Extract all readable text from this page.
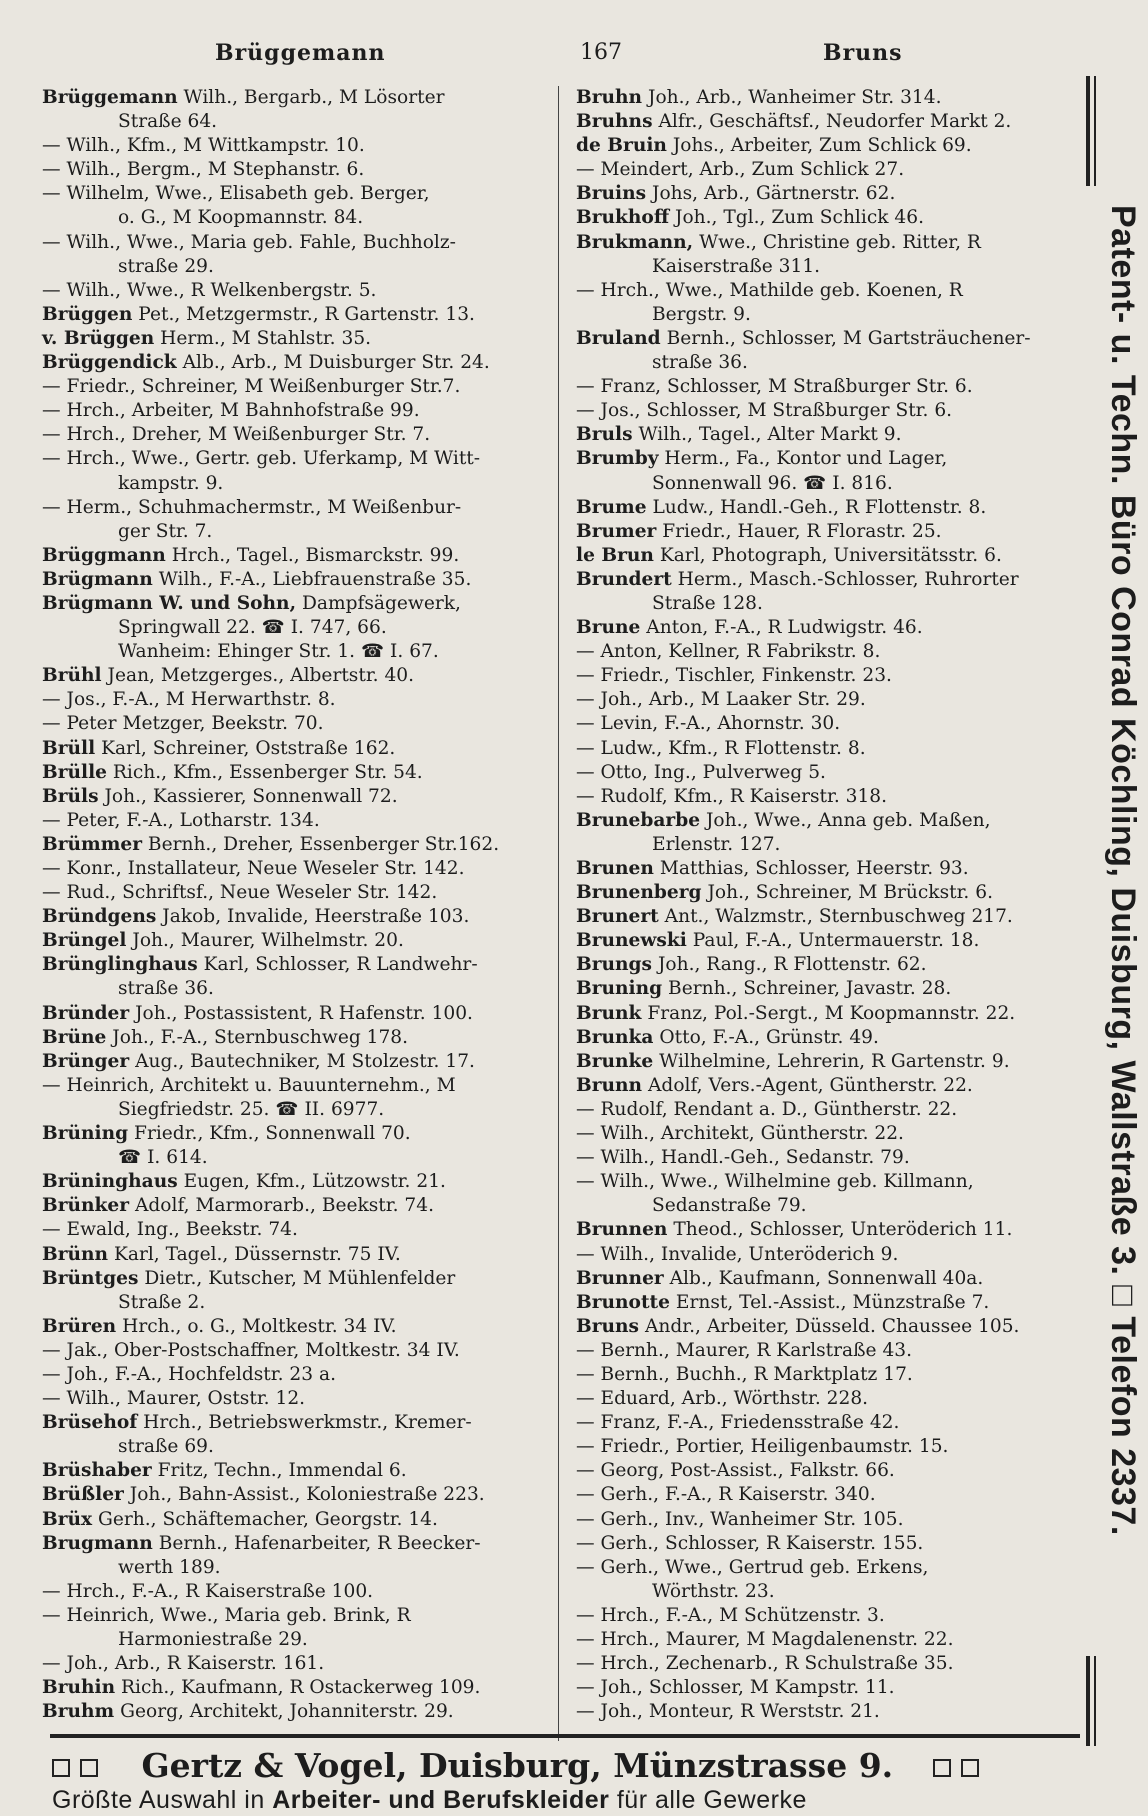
Brüggemann	167	Bruns
Brüggemann Wilh., Bergarb., M Lösorter
Straße 64.
— Wilh., Kfm., M Wittkampstr. 10.
— Wilh., Bergm., M Stephanstr. 6.
— Wilhelm, Wwe., Elisabeth geb. Berger,
o. G., M Koopmannstr. 84.
— Wilh., Wwe., Maria geb. Fahle, Buchholz-
straße 29.
— Wilh., Wwe., R Welkenbergstr. 5.
Brüggen Pet., Metzgermstr., R Gartenstr. 13.
v. Brüggen Herm., M Stahlstr. 35.
Brüggendick Alb., Arb., M Duisburger Str. 24.
— Friedr., Schreiner, M Weißenburger Str.7.
— Hrch., Arbeiter, M Bahnhofstraße 99.
— Hrch., Dreher, M Weißenburger Str. 7.
— Hrch., Wwe., Gertr. geb. Uferkamp, M Witt-
kampstr. 9.
— Herm., Schuhmachermstr., M Weißenbur-
ger Str. 7.
Brüggmann Hrch., Tagel., Bismarckstr. 99.
Brügmann Wilh., F.-A., Liebfrauenstraße 35.
Brügmann W. und Sohn, Dampfsägewerk,
Springwall 22. ☎ I. 747, 66.
Wanheim: Ehinger Str. 1. ☎ I. 67.
Brühl Jean, Metzgerges., Albertstr. 40.
— Jos., F.-A., M Herwarthstr. 8.
— Peter Metzger, Beekstr. 70.
Brüll Karl, Schreiner, Oststraße 162.
Brülle Rich., Kfm., Essenberger Str. 54.
Brüls Joh., Kassierer, Sonnenwall 72.
— Peter, F.-A., Lotharstr. 134.
Brümmer Bernh., Dreher, Essenberger Str.162.
— Konr., Installateur, Neue Weseler Str. 142.
— Rud., Schriftsf., Neue Weseler Str. 142.
Bründgens Jakob, Invalide, Heerstraße 103.
Brüngel Joh., Maurer, Wilhelmstr. 20.
Brünglinghaus Karl, Schlosser, R Landwehr-
straße 36.
Bründer Joh., Postassistent, R Hafenstr. 100.
Brüne Joh., F.-A., Sternbuschweg 178.
Brünger Aug., Bautechniker, M Stolzestr. 17.
— Heinrich, Architekt u. Bauunternehm., M
Siegfriedstr. 25. ☎ II. 6977.
Brüning Friedr., Kfm., Sonnenwall 70.
☎ I. 614.
Brüninghaus Eugen, Kfm., Lützowstr. 21.
Brünker Adolf, Marmorarb., Beekstr. 74.
— Ewald, Ing., Beekstr. 74.
Brünn Karl, Tagel., Düssernstr. 75 IV.
Brüntges Dietr., Kutscher, M Mühlenfelder
Straße 2.
Brüren Hrch., o. G., Moltkestr. 34 IV.
— Jak., Ober-Postschaffner, Moltkestr. 34 IV.
— Joh., F.-A., Hochfeldstr. 23 a.
— Wilh., Maurer, Oststr. 12.
Brüsehof Hrch., Betriebswerkmstr., Kremer-
straße 69.
Brüshaber Fritz, Techn., Immendal 6.
Brüßler Joh., Bahn-Assist., Koloniestraße 223.
Brüx Gerh., Schäftemacher, Georgstr. 14.
Brugmann Bernh., Hafenarbeiter, R Beecker-
werth 189.
— Hrch., F.-A., R Kaiserstraße 100.
— Heinrich, Wwe., Maria geb. Brink, R
Harmoniestraße 29.
— Joh., Arb., R Kaiserstr. 161.
Bruhin Rich., Kaufmann, R Ostackerweg 109.
Bruhm Georg, Architekt, Johanniterstr. 29.
Bruhn Joh., Arb., Wanheimer Str. 314.
Bruhns Alfr., Geschäftsf., Neudorfer Markt 2.
de Bruin Johs., Arbeiter, Zum Schlick 69.
— Meindert, Arb., Zum Schlick 27.
Bruins Johs, Arb., Gärtnerstr. 62.
Brukhoff Joh., Tgl., Zum Schlick 46.
Brukmann, Wwe., Christine geb. Ritter, R
Kaiserstraße 311.
— Hrch., Wwe., Mathilde geb. Koenen, R
Bergstr. 9.
Bruland Bernh., Schlosser, M Gartsträuchener-
straße 36.
— Franz, Schlosser, M Straßburger Str. 6.
— Jos., Schlosser, M Straßburger Str. 6.
Bruls Wilh., Tagel., Alter Markt 9.
Brumby Herm., Fa., Kontor und Lager,
Sonnenwall 96. ☎ I. 816.
Brume Ludw., Handl.-Geh., R Flottenstr. 8.
Brumer Friedr., Hauer, R Florastr. 25.
le Brun Karl, Photograph, Universitätsstr. 6.
Brundert Herm., Masch.-Schlosser, Ruhrorter
Straße 128.
Brune Anton, F.-A., R Ludwigstr. 46.
— Anton, Kellner, R Fabrikstr. 8.
— Friedr., Tischler, Finkenstr. 23.
— Joh., Arb., M Laaker Str. 29.
— Levin, F.-A., Ahornstr. 30.
— Ludw., Kfm., R Flottenstr. 8.
— Otto, Ing., Pulverweg 5.
— Rudolf, Kfm., R Kaiserstr. 318.
Brunebarbe Joh., Wwe., Anna geb. Maßen,
Erlenstr. 127.
Brunen Matthias, Schlosser, Heerstr. 93.
Brunenberg Joh., Schreiner, M Brückstr. 6.
Brunert Ant., Walzmstr., Sternbuschweg 217.
Brunewski Paul, F.-A., Untermauerstr. 18.
Brungs Joh., Rang., R Flottenstr. 62.
Bruning Bernh., Schreiner, Javastr. 28.
Brunk Franz, Pol.-Sergt., M Koopmannstr. 22.
Brunka Otto, F.-A., Grünstr. 49.
Brunke Wilhelmine, Lehrerin, R Gartenstr. 9.
Brunn Adolf, Vers.-Agent, Güntherstr. 22.
— Rudolf, Rendant a. D., Güntherstr. 22.
— Wilh., Architekt, Güntherstr. 22.
— Wilh., Handl.-Geh., Sedanstr. 79.
— Wilh., Wwe., Wilhelmine geb. Killmann,
Sedanstraße 79.
Brunnen Theod., Schlosser, Unteröderich 11.
— Wilh., Invalide, Unteröderich 9.
Brunner Alb., Kaufmann, Sonnenwall 40a.
Brunotte Ernst, Tel.-Assist., Münzstraße 7.
Bruns Andr., Arbeiter, Düsseld. Chaussee 105.
— Bernh., Maurer, R Karlstraße 43.
— Bernh., Buchh., R Marktplatz 17.
— Eduard, Arb., Wörthstr. 228.
— Franz, F.-A., Friedensstraße 42.
— Friedr., Portier, Heiligenbaumstr. 15.
— Georg, Post-Assist., Falkstr. 66.
— Gerh., F.-A., R Kaiserstr. 340.
— Gerh., Inv., Wanheimer Str. 105.
— Gerh., Schlosser, R Kaiserstr. 155.
— Gerh., Wwe., Gertrud geb. Erkens,
Wörthstr. 23.
— Hrch., F.-A., M Schützenstr. 3.
— Hrch., Maurer, M Magdalenenstr. 22.
— Hrch., Zechenarb., R Schulstraße 35.
— Joh., Schlosser, M Kampstr. 11.
— Joh., Monteur, R Werststr. 21.
Patent- u. Techn. Büro Conrad Köchling, Duisburg, Wallstraße 3. □ Telefon 2337.
Gertz & Vogel, Duisburg, Münzstrasse 9.
Größte Auswahl in Arbeiter- und Berufskleider für alle Gewerke
